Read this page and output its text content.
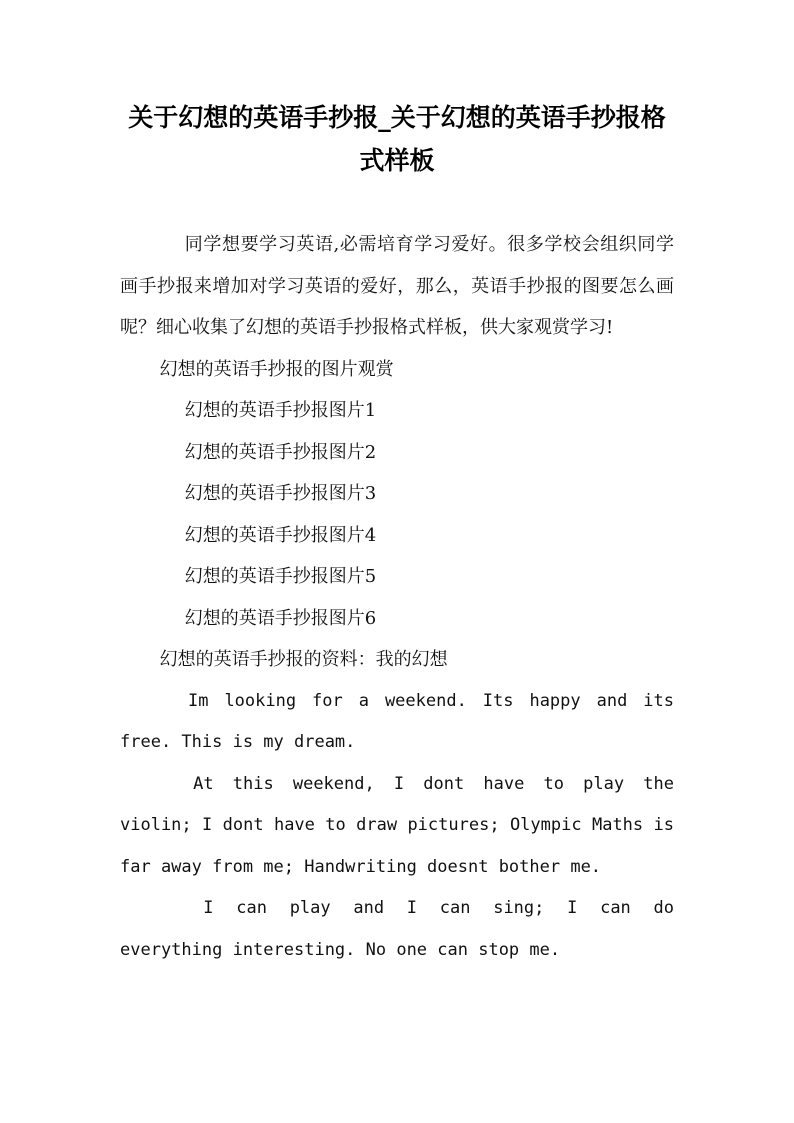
关于幻想的英语手抄报_关于幻想的英语手抄报格式样板

同学想要学习英语,必需培育学习爱好。很多学校会组织同学画手抄报来增加对学习英语的爱好，那么，英语手抄报的图要怎么画呢？细心收集了幻想的英语手抄报格式样板，供大家观赏学习!

幻想的英语手抄报的图片观赏

幻想的英语手抄报图片1

幻想的英语手抄报图片2

幻想的英语手抄报图片3

幻想的英语手抄报图片4

幻想的英语手抄报图片5

幻想的英语手抄报图片6

幻想的英语手抄报的资料：我的幻想

Im looking for a weekend. Its happy and its free. This is my dream.

At this weekend, I dont have to play the violin; I dont have to draw pictures; Olympic Maths is far away from me; Handwriting doesnt bother me.

I can play and I can sing; I can do everything interesting. No one can stop me.
